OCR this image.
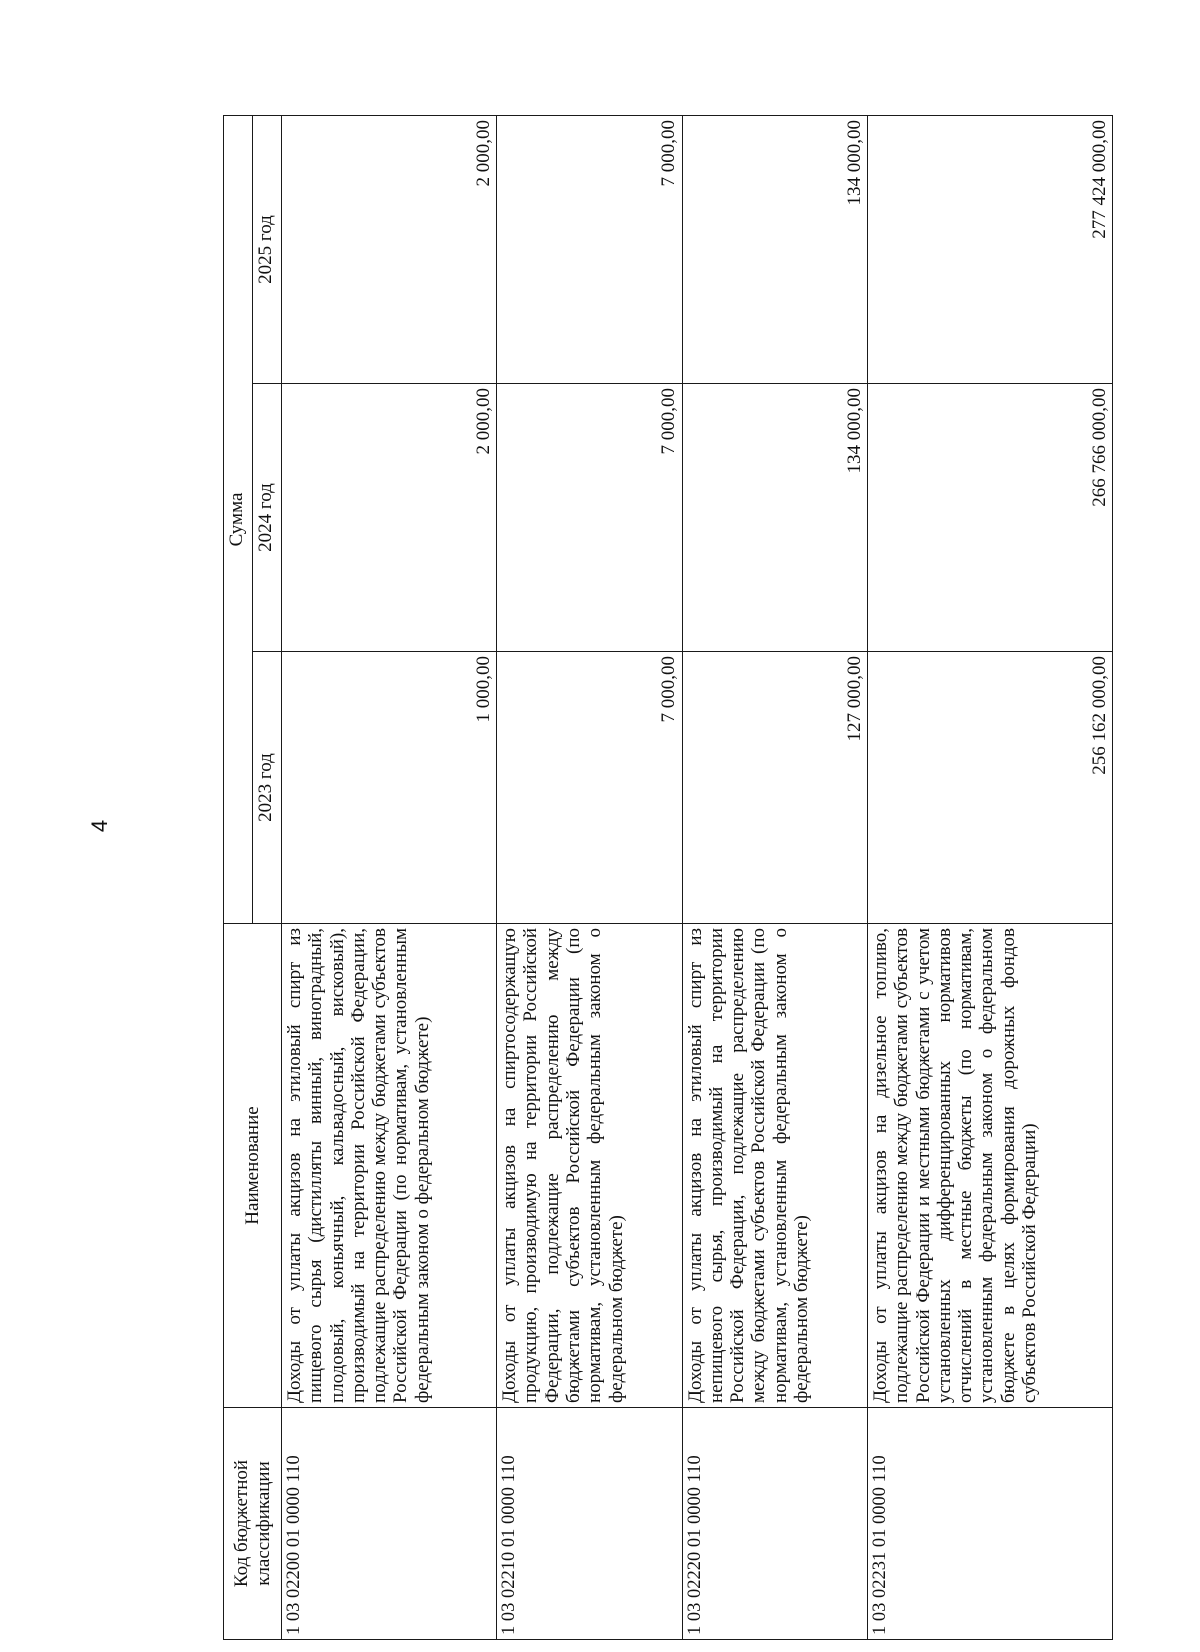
4
Код бюджетной классификации	Наименование	Сумма		
		2023 год	2024 год	2025 год
1 03 02200 01 0000 110	Доходы от уплаты акцизов на этиловый спирт из пищевого сырья (дистилляты винный, виноградный, плодовый, коньячный, кальвадосный, висковый), производимый на территории Российской Федерации, подлежащие распределению между бюджетами субъектов Российской Федерации (по нормативам, установленным федеральным законом о федеральном бюджете)	1 000,00	2 000,00	2 000,00
1 03 02210 01 0000 110	Доходы от уплаты акцизов на спиртосодержащую продукцию, производимую на территории Российской Федерации, подлежащие распределению между бюджетами субъектов Российской Федерации (по нормативам, установленным федеральным законом о федеральном бюджете)	7 000,00	7 000,00	7 000,00
1 03 02220 01 0000 110	Доходы от уплаты акцизов на этиловый спирт из непищевого сырья, производимый на территории Российской Федерации, подлежащие распределению между бюджетами субъектов Российской Федерации (по нормативам, установленным федеральным законом о федеральном бюджете)	127 000,00	134 000,00	134 000,00
1 03 02231 01 0000 110	Доходы от уплаты акцизов на дизельное топливо, подлежащие распределению между бюджетами субъектов Российской Федерации и местными бюджетами с учетом установленных дифференцированных нормативов отчислений в местные бюджеты (по нормативам, установленным федеральным законом о федеральном бюджете в целях формирования дорожных фондов субъектов Российской Федерации)	256 162 000,00	266 766 000,00	277 424 000,00
